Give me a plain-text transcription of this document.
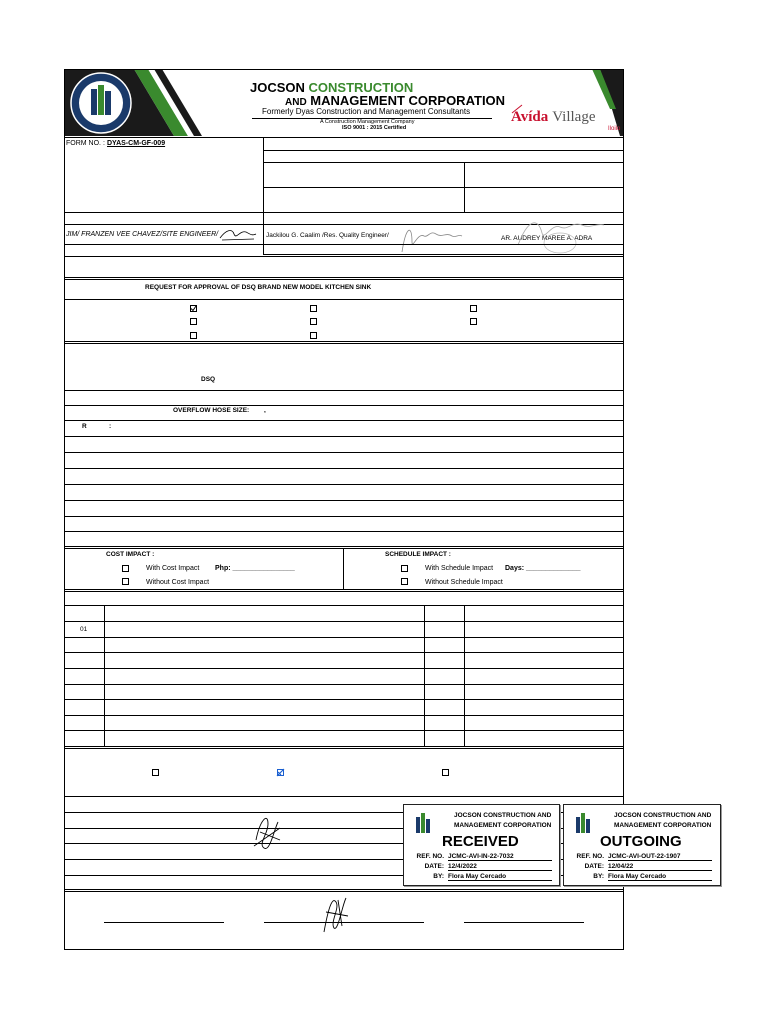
JOCSON CONSTRUCTION
AND MANAGEMENT CORPORATION
Formerly Dyas Construction and Management Consultants
A Construction Management Company
ISO 9001 : 2015 Certified
Avída Village
Iloilo
FORM NO. : DYAS-CM-GF-009
JIM/ FRANZEN VEE CHAVEZ/SITE ENGINEER/	Jackilou G. Caalim /Res. Quality Engineer/	AR. AUDREY MAREE A. ADRA
REQUEST FOR APPROVAL OF DSQ BRAND NEW MODEL KITCHEN SINK
DSQ
OVERFLOW HOSE SIZE: ,
R	:
COST IMPACT :
With Cost Impact Php: ________________
Without Cost Impact
SCHEDULE IMPACT :
With Schedule Impact Days: ______________
Without Schedule Impact
01
JOCSON CONSTRUCTION AND
MANAGEMENT CORPORATION
RECEIVED
REF. NO. JCMC-AVI-IN-22-7032
DATE: 12/4/2022
BY: Flora May Cercado
JOCSON CONSTRUCTION AND
MANAGEMENT CORPORATION
OUTGOING
REF. NO. JCMC-AVI-OUT-22-1907
DATE: 12/04/22
BY: Flora May Cercado
